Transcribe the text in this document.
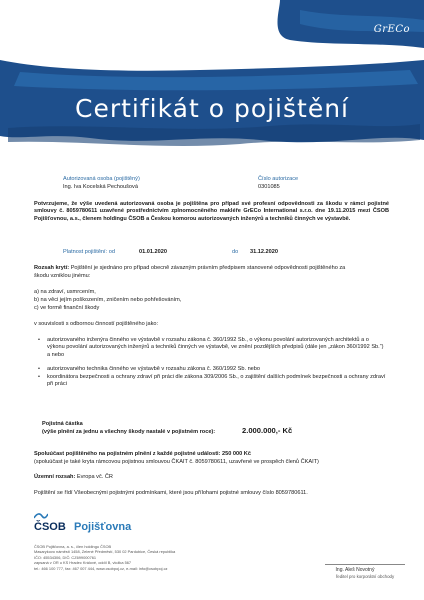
GrECo
Certifikát o pojištění
Autorizovaná osoba (pojištěný)
Ing. Iva Kocelská Pechoušová
Číslo autorizace
0301085
Potvrzujeme, že výše uvedená autorizovaná osoba je pojištěna pro případ své profesní odpovědnosti za škodu v rámci pojistné smlouvy č. 8059780611 uzavřené prostřednictvím zplnomocněného makléře GrECo International s.r.o. dne 19.11.2015 mezi ČSOB Pojišťovnou, a.s., členem holdingu ČSOB a Českou komorou autorizovaných inženýrů a techniků činných ve výstavbě.
Platnost pojištění: od	01.01.2020	do 31.12.2020
Rozsah krytí: Pojištění je sjednáno pro případ obecně závazným právním předpisem stanovené odpovědnosti pojištěného za
škodu vzniklou jinému:
a) na zdraví, usmrcením,
b) na věci jejím poškozením, zničením nebo pohřešováním,
c) ve formě finanční škody
v souvislosti s odbornou činností pojištěného jako:
• autorizovaného inženýra činného ve výstavbě v rozsahu zákona č. 360/1992 Sb., o výkonu povolání autorizovaných architektů a o výkonu povolání autorizovaných inženýrů a techniků činných ve výstavbě, ve znění pozdějších předpisů (dále jen „zákon 360/1992 Sb.“) a nebo
• autorizovaného technika činného ve výstavbě v rozsahu zákona č. 360/1992 Sb. nebo
• koordinátora bezpečnosti a ochrany zdraví při práci dle zákona 309/2006 Sb., o zajištění dalších podmínek bezpečnosti a ochrany zdraví při práci
Pojistná částka
(výše plnění za jednu a všechny škody nastalé v pojistném roce):	2.000.000,- Kč
Spoluúčast pojištěného na pojistném plnění z každé pojistné události: 250 000 Kč
(spoluúčast je také kryta rámcovou pojistnou smlouvou ČKAIT č. 8059780611, uzavřené ve prospěch členů ČKAIT)
Územní rozsah: Evropa vč. ČR
Pojištění se řídí Všeobecnými pojistnými podmínkami, které jsou přílohami pojistné smlouvy číslo 8059780611.
ČSOB Pojišťovna
ČSOB Pojišťovna, a. s., člen holdingu ČSOB
Masarykovo náměstí 1458, Zelené Předměstí, 530 02 Pardubice, Česká republika
IČO: 45534306, DIČ: CZ699000761
zapsaná v OR u KS Hradec Králové, oddíl B, vložka 567
tel.: 466 100 777, fax: 467 007 444, www.csobpoj.cz, e-mail: info@csobpoj.cz	Ing. Aleš Novotný
ředitel pro korporátní obchody
